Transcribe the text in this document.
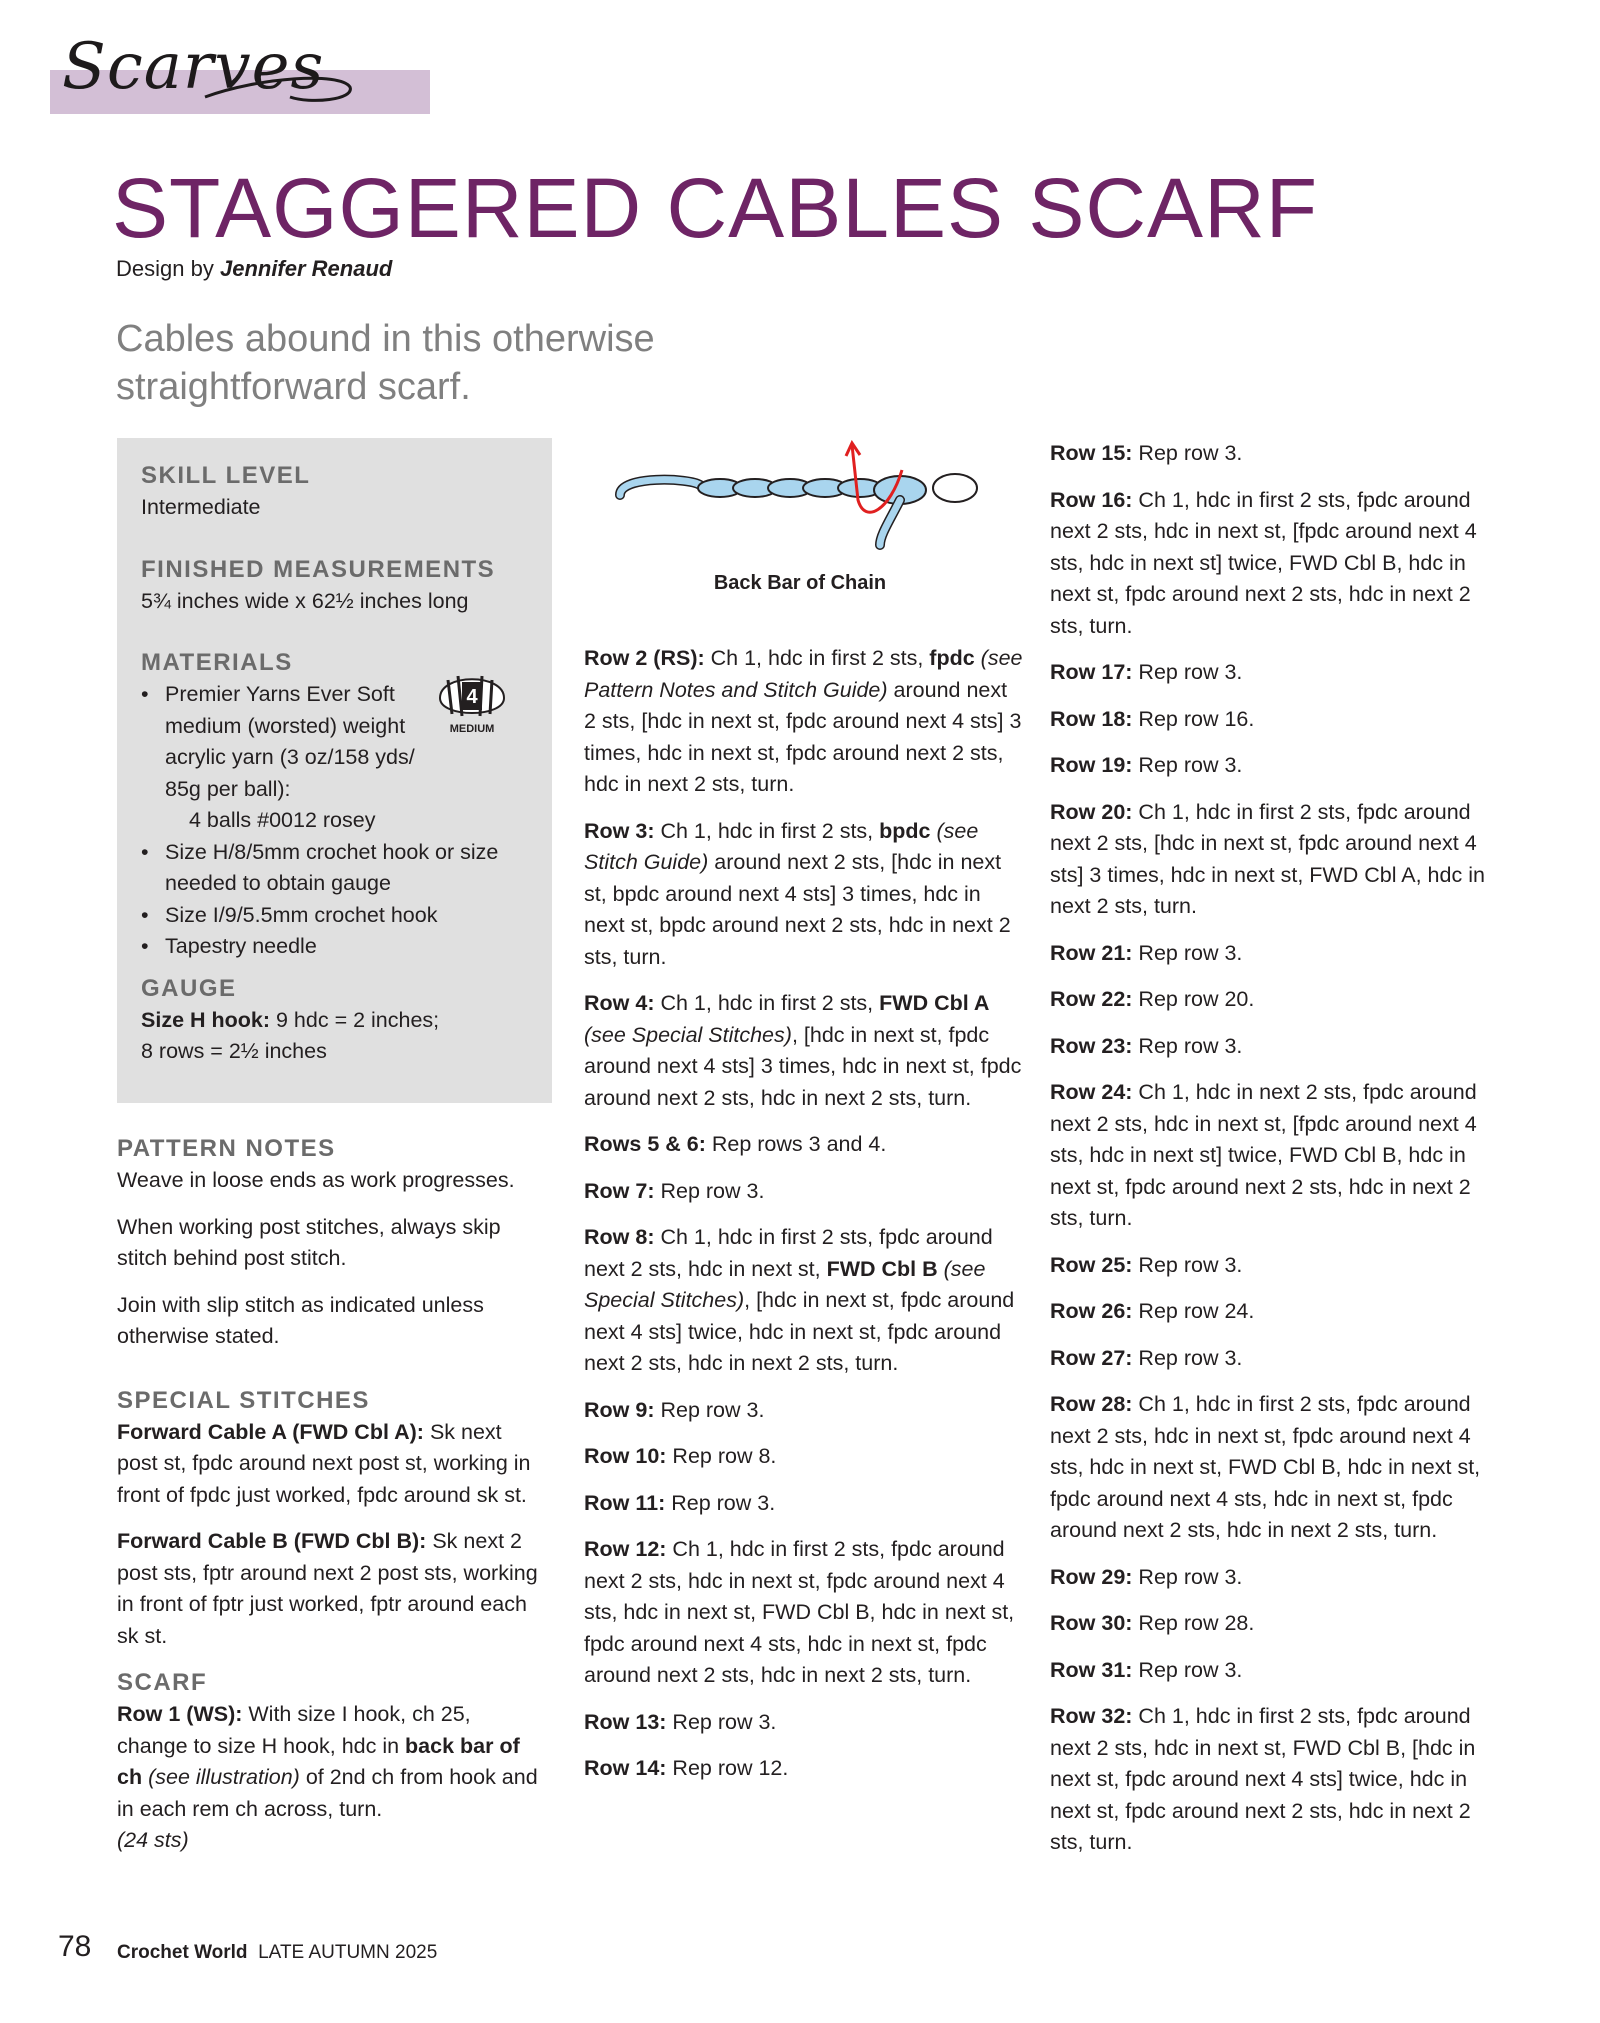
Scarves
STAGGERED CABLES SCARF
Design by Jennifer Renaud
Cables abound in this otherwise straightforward scarf.

SKILL LEVEL

Intermediate

FINISHED MEASUREMENTS

5¾ inches wide x 62½ inches long

MATERIALS

• Premier Yarns Ever Soft medium (worsted) weight acrylic yarn (3 oz/158 yds/ 85g per ball):
4 balls #0012 rosey
• Size H/8/5mm crochet hook or size needed to obtain gauge
• Size I/9/5.5mm crochet hook
• Tapestry needle

GAUGE

Size H hook: 9 hdc = 2 inches;
8 rows = 2½ inches
4
MEDIUM

PATTERN NOTES

Weave in loose ends as work progresses.

When working post stitches, always skip stitch behind post stitch.

Join with slip stitch as indicated unless otherwise stated.

SPECIAL STITCHES

Forward Cable A (FWD Cbl A): Sk next post st, fpdc around next post st, working in front of fpdc just worked, fpdc around sk st.

Forward Cable B (FWD Cbl B): Sk next 2 post sts, fptr around next 2 post sts, working in front of fptr just worked, fptr around each sk st.

SCARF

Row 1 (WS): With size I hook, ch 25, change to size H hook, hdc in back bar of ch (see illustration) of 2nd ch from hook and in each rem ch across, turn.
(24 sts)

Back Bar of Chain

Row 2 (RS): Ch 1, hdc in first 2 sts, fpdc (see Pattern Notes and Stitch Guide) around next 2 sts, [hdc in next st, fpdc around next 4 sts] 3 times, hdc in next st, fpdc around next 2 sts, hdc in next 2 sts, turn.

Row 3: Ch 1, hdc in first 2 sts, bpdc (see Stitch Guide) around next 2 sts, [hdc in next st, bpdc around next 4 sts] 3 times, hdc in next st, bpdc around next 2 sts, hdc in next 2 sts, turn.

Row 4: Ch 1, hdc in first 2 sts, FWD Cbl A (see Special Stitches), [hdc in next st, fpdc around next 4 sts] 3 times, hdc in next st, fpdc around next 2 sts, hdc in next 2 sts, turn.

Rows 5 & 6: Rep rows 3 and 4.

Row 7: Rep row 3.

Row 8: Ch 1, hdc in first 2 sts, fpdc around next 2 sts, hdc in next st, FWD Cbl B (see Special Stitches), [hdc in next st, fpdc around next 4 sts] twice, hdc in next st, fpdc around next 2 sts, hdc in next 2 sts, turn.

Row 9: Rep row 3.

Row 10: Rep row 8.

Row 11: Rep row 3.

Row 12: Ch 1, hdc in first 2 sts, fpdc around next 2 sts, hdc in next st, fpdc around next 4 sts, hdc in next st, FWD Cbl B, hdc in next st, fpdc around next 4 sts, hdc in next st, fpdc around next 2 sts, hdc in next 2 sts, turn.

Row 13: Rep row 3.

Row 14: Rep row 12.

Row 15: Rep row 3.

Row 16: Ch 1, hdc in first 2 sts, fpdc around next 2 sts, hdc in next st, [fpdc around next 4 sts, hdc in next st] twice, FWD Cbl B, hdc in next st, fpdc around next 2 sts, hdc in next 2 sts, turn.

Row 17: Rep row 3.

Row 18: Rep row 16.

Row 19: Rep row 3.

Row 20: Ch 1, hdc in first 2 sts, fpdc around next 2 sts, [hdc in next st, fpdc around next 4 sts] 3 times, hdc in next st, FWD Cbl A, hdc in next 2 sts, turn.

Row 21: Rep row 3.

Row 22: Rep row 20.

Row 23: Rep row 3.

Row 24: Ch 1, hdc in next 2 sts, fpdc around next 2 sts, hdc in next st, [fpdc around next 4 sts, hdc in next st] twice, FWD Cbl B, hdc in next st, fpdc around next 2 sts, hdc in next 2 sts, turn.

Row 25: Rep row 3.

Row 26: Rep row 24.

Row 27: Rep row 3.

Row 28: Ch 1, hdc in first 2 sts, fpdc around next 2 sts, hdc in next st, fpdc around next 4 sts, hdc in next st, FWD Cbl B, hdc in next st, fpdc around next 4 sts, hdc in next st, fpdc around next 2 sts, hdc in next 2 sts, turn.

Row 29: Rep row 3.

Row 30: Rep row 28.

Row 31: Rep row 3.

Row 32: Ch 1, hdc in first 2 sts, fpdc around next 2 sts, hdc in next st, FWD Cbl B, [hdc in next st, fpdc around next 4 sts] twice, hdc in next st, fpdc around next 2 sts, hdc in next 2 sts, turn.

78 Crochet World LATE AUTUMN 2025
